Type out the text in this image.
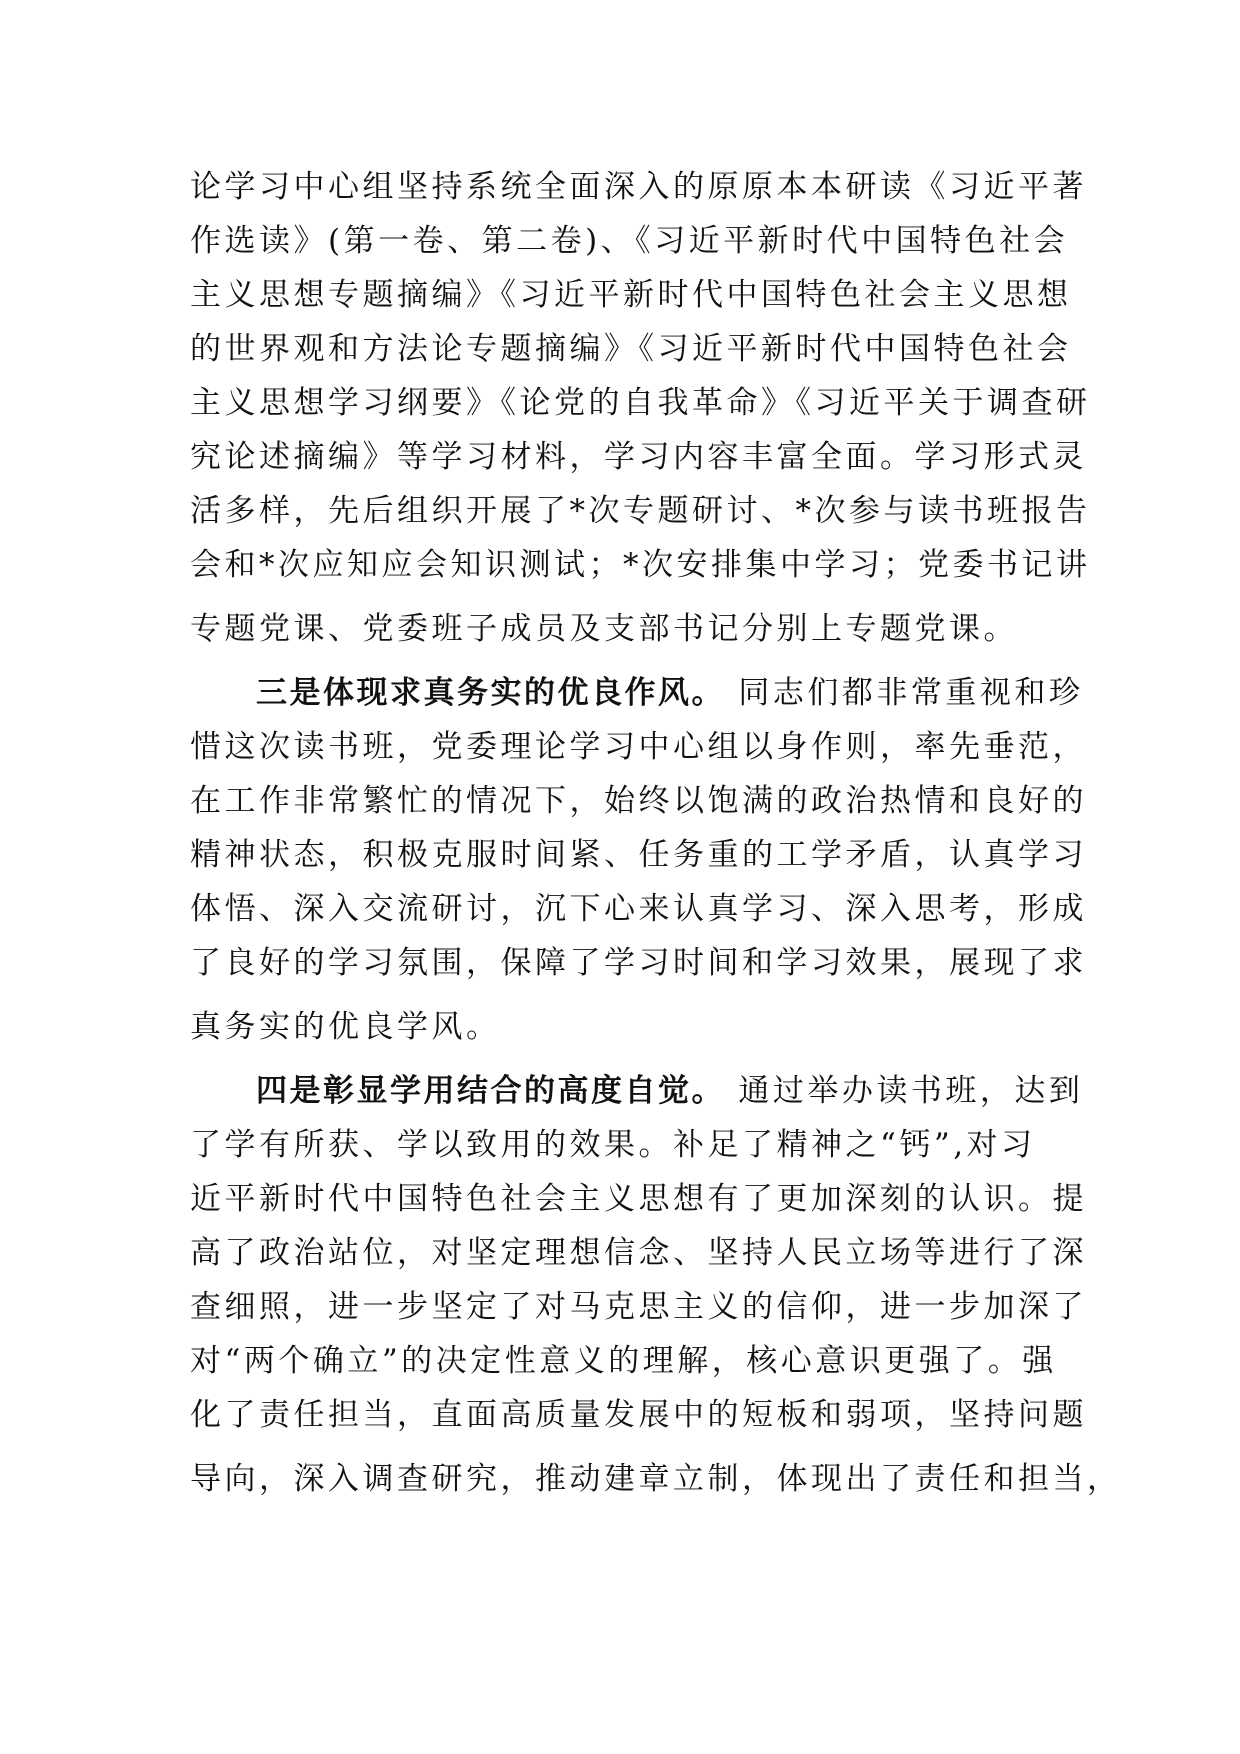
论学习中心组坚持系统全面深入的原原本本研读《习近平著
作选读》(第一卷、第二卷)、《习近平新时代中国特色社会
主义思想专题摘编》《习近平新时代中国特色社会主义思想
的世界观和方法论专题摘编》《习近平新时代中国特色社会
主义思想学习纲要》《论党的自我革命》《习近平关于调查研
究论述摘编》等学习材料，学习内容丰富全面。学习形式灵
活多样，先后组织开展了*次专题研讨、*次参与读书班报告
会和*次应知应会知识测试；*次安排集中学习；党委书记讲
专题党课、党委班子成员及支部书记分别上专题党课。
三是体现求真务实的优良作风。 同志们都非常重视和珍
惜这次读书班，党委理论学习中心组以身作则，率先垂范，
在工作非常繁忙的情况下，始终以饱满的政治热情和良好的
精神状态，积极克服时间紧、任务重的工学矛盾，认真学习
体悟、深入交流研讨，沉下心来认真学习、深入思考，形成
了良好的学习氛围，保障了学习时间和学习效果，展现了求
真务实的优良学风。
四是彰显学用结合的高度自觉。 通过举办读书班，达到
了学有所获、学以致用的效果。补足了精神之“钙”,对习
近平新时代中国特色社会主义思想有了更加深刻的认识。提
高了政治站位，对坚定理想信念、坚持人民立场等进行了深
查细照，进一步坚定了对马克思主义的信仰，进一步加深了
对“两个确立”的决定性意义的理解，核心意识更强了。强
化了责任担当，直面高质量发展中的短板和弱项，坚持问题
导向，深入调查研究，推动建章立制，体现出了责任和担当，
